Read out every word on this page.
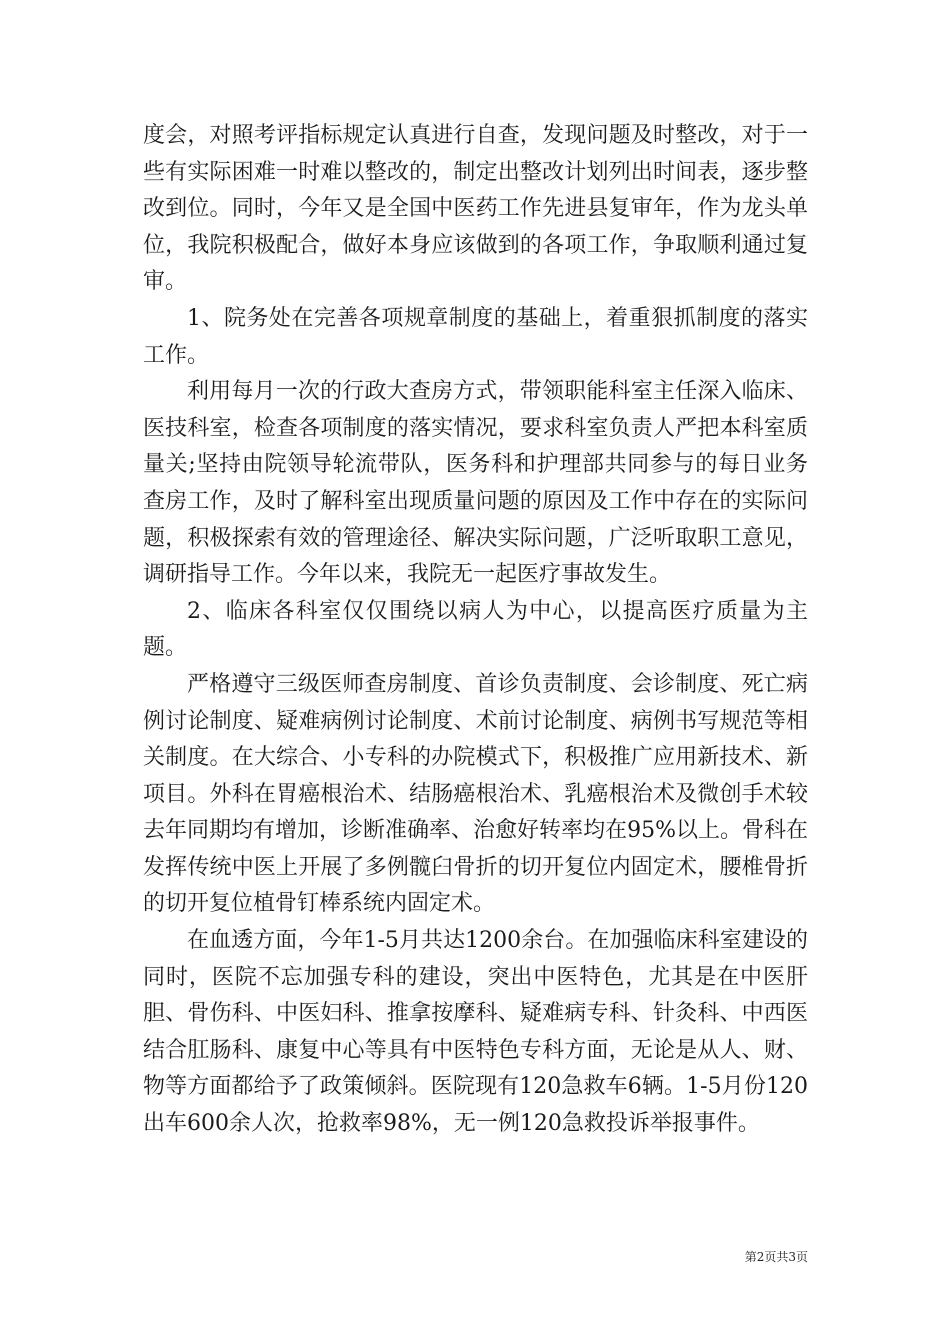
度会，对照考评指标规定认真进行自查，发现问题及时整改，对于一些有实际困难一时难以整改的，制定出整改计划列出时间表，逐步整改到位。同时，今年又是全国中医药工作先进县复审年，作为龙头单位，我院积极配合，做好本身应该做到的各项工作，争取顺利通过复审。

1、院务处在完善各项规章制度的基础上，着重狠抓制度的落实工作。

利用每月一次的行政大查房方式，带领职能科室主任深入临床、医技科室，检查各项制度的落实情况，要求科室负责人严把本科室质量关;坚持由院领导轮流带队，医务科和护理部共同参与的每日业务查房工作，及时了解科室出现质量问题的原因及工作中存在的实际问题，积极探索有效的管理途径、解决实际问题，广泛听取职工意见，调研指导工作。今年以来，我院无一起医疗事故发生。

2、临床各科室仅仅围绕以病人为中心，以提高医疗质量为主题。

严格遵守三级医师查房制度、首诊负责制度、会诊制度、死亡病例讨论制度、疑难病例讨论制度、术前讨论制度、病例书写规范等相关制度。在大综合、小专科的办院模式下，积极推广应用新技术、新项目。外科在胃癌根治术、结肠癌根治术、乳癌根治术及微创手术较去年同期均有增加，诊断准确率、治愈好转率均在95%以上。骨科在发挥传统中医上开展了多例髋臼骨折的切开复位内固定术，腰椎骨折的切开复位植骨钉棒系统内固定术。

在血透方面，今年1-5月共达1200余台。在加强临床科室建设的同时，医院不忘加强专科的建设，突出中医特色，尤其是在中医肝胆、骨伤科、中医妇科、推拿按摩科、疑难病专科、针灸科、中西医结合肛肠科、康复中心等具有中医特色专科方面，无论是从人、财、物等方面都给予了政策倾斜。医院现有120急救车6辆。1-5月份120出车600余人次，抢救率98%，无一例120急救投诉举报事件。

第2页共3页
